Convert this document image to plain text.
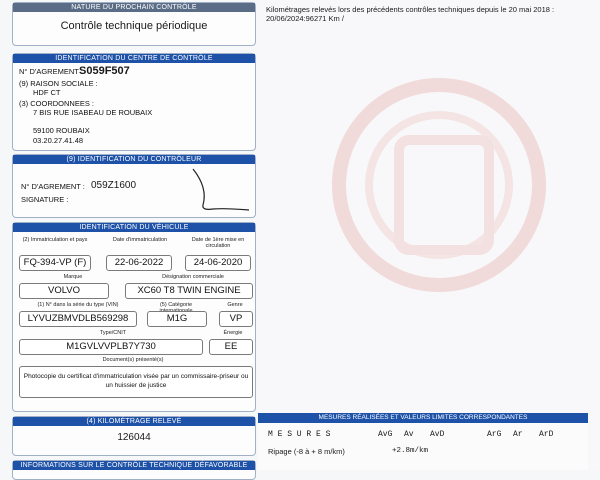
NATURE DU PROCHAIN CONTRÔLE
Contrôle technique périodique
IDENTIFICATION DU CENTRE DE CONTRÔLE
N° D'AGREMENT :
S059F507
(9) RAISON SOCIALE :
HDF CT
(3) COORDONNEES :
7 BIS RUE ISABEAU DE ROUBAIX
59100 ROUBAIX
03.20.27.41.48
(9) IDENTIFICATION DU CONTRÔLEUR
N° D'AGREMENT : 059Z1600
SIGNATURE :
IDENTIFICATION DU VÉHICULE
(2) Immatriculation et pays	Date d'immatriculation	Date de 1ère mise en circulation
FQ-394-VP (F)	22-06-2022	24-06-2020
Marque	Désignation commerciale
VOLVO	XC60 T8 TWIN ENGINE
(1) N° dans la série du type (VIN)	(5) Catégorie	Genre
LYVUZBMVDLB569298	M1G	VP
Type/CNIT	Énergie
M1GVLVVPLB7Y730	EE
Document(s) présenté(s)
Photocopie du certificat d'immatriculation visée par un commissaire-priseur ou un huissier de justice
(4) KILOMÉTRAGE RELEVÉ
126044
INFORMATIONS SUR LE CONTRÔLE TECHNIQUE DÉFAVORABLE
Kilométrages relevés lors des précédents contrôles techniques depuis le 20 mai 2018 :
20/06/2024:96271 Km /
MESURES RÉALISÉES ET VALEURS LIMITES CORRESPONDANTES
M E S U R E S	AvG Av AvD	ArG Ar ArD
Ripage (-8 à + 8 m/km)	+2.8m/km
